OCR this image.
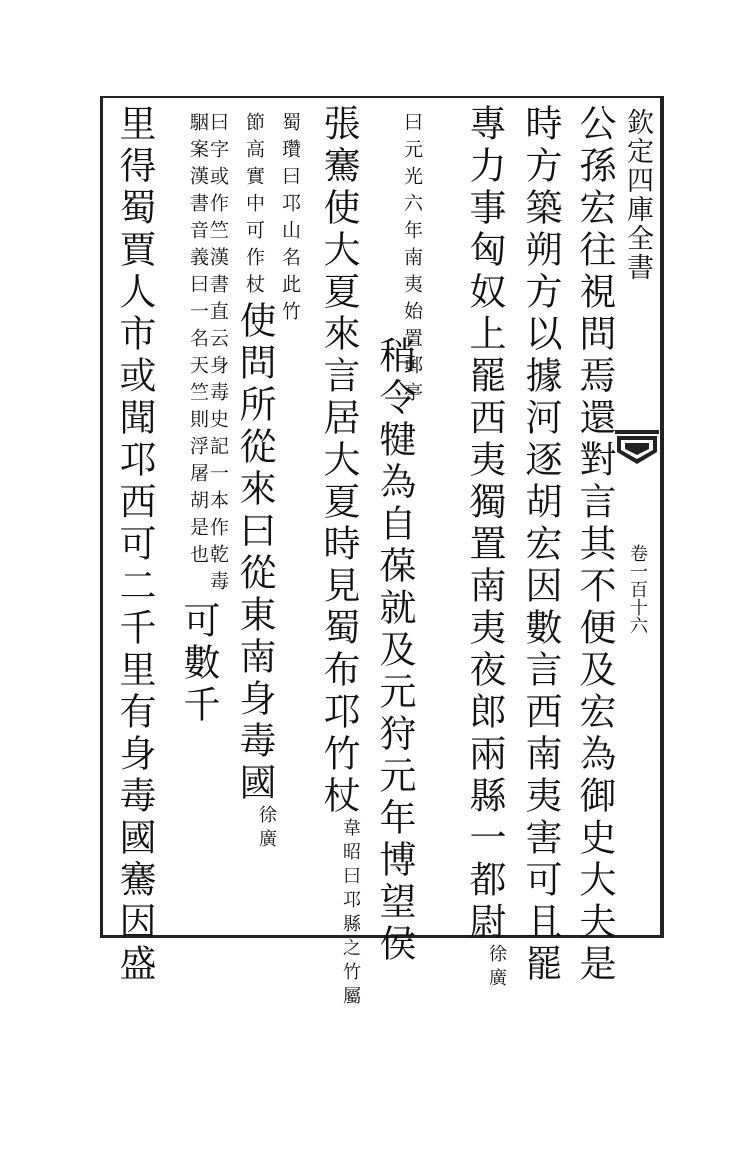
欽定四庫全書
卷一百十六
公孫宏往視問焉還對言其不便及宏為御史大夫是
時方築朔方以據河逐胡宏因數言西南夷害可且罷
專力事匈奴上罷西夷獨置南夷夜郎兩縣一都尉徐廣
曰元光六年南夷始置郵亭
稍令犍為自葆就及元狩元年博望侯
張騫使大夏來言居大夏時見蜀布邛竹杖韋昭曰邛縣之竹屬
蜀瓚曰邛山名此竹
節高實中可作杖使問所從來曰從東南身毒國徐廣
曰字或作竺漢書直云身毒史記一本作乾毒
駰案漢書音義曰一名天竺則浮屠胡是也可數千
里得蜀賈人市或聞邛西可二千里有身毒國騫因盛
